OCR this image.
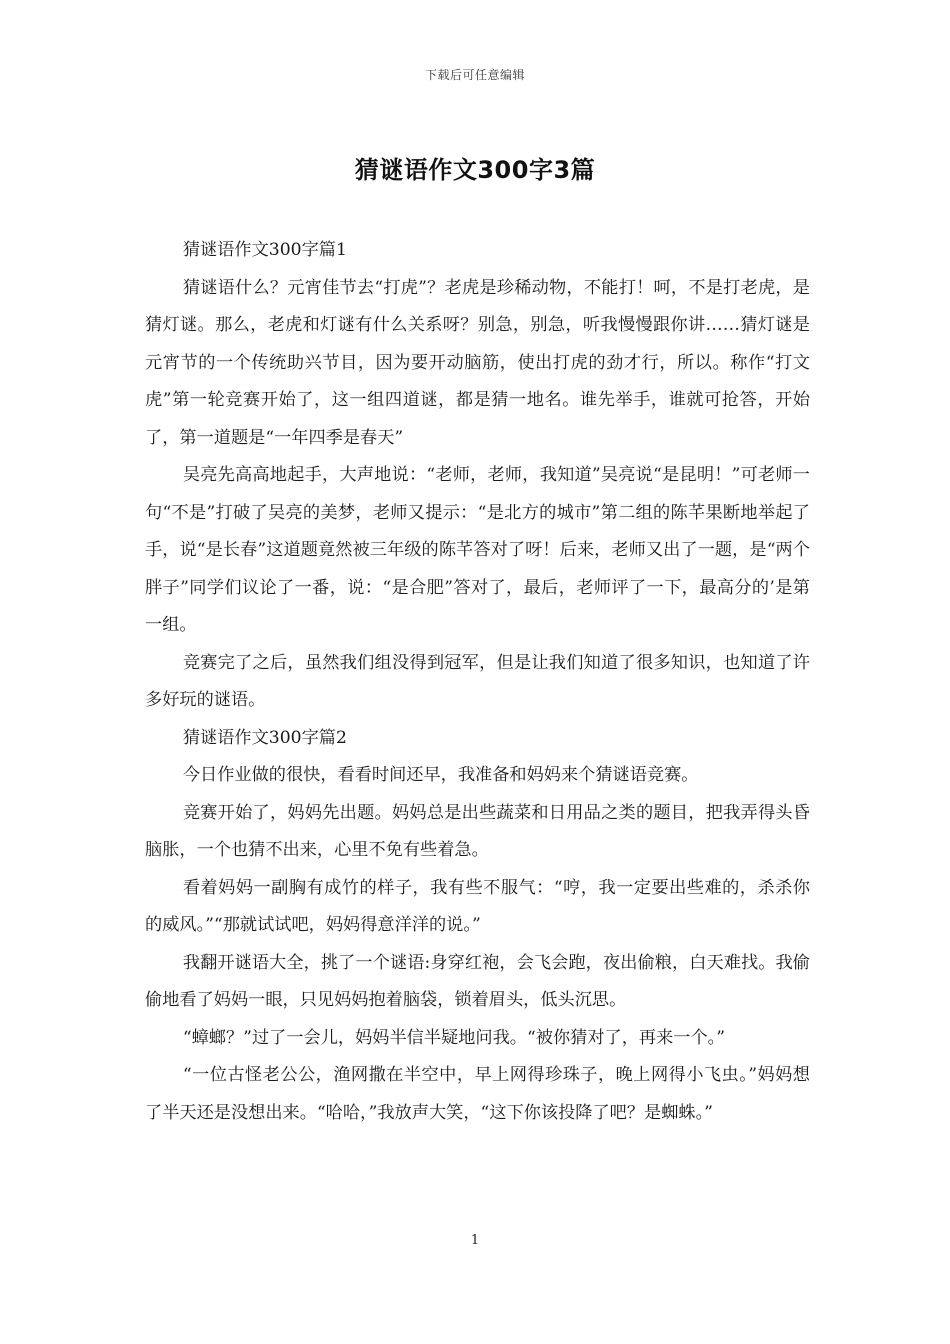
下载后可任意编辑
猜谜语作文300字3篇

猜谜语作文300字篇1

猜谜语什么？元宵佳节去“打虎”？老虎是珍稀动物，不能打！呵，不是打老虎，是猜灯谜。那么，老虎和灯谜有什么关系呀？别急，别急，听我慢慢跟你讲……猜灯谜是元宵节的一个传统助兴节目，因为要开动脑筋，使出打虎的劲才行，所以。称作“打文虎”第一轮竞赛开始了，这一组四道谜，都是猜一地名。谁先举手，谁就可抢答，开始了，第一道题是“一年四季是春天”

吴亮先高高地起手，大声地说：“老师，老师，我知道”吴亮说“是昆明！”可老师一句“不是”打破了吴亮的美梦，老师又提示：“是北方的城市”第二组的陈芊果断地举起了手，说“是长春”这道题竟然被三年级的陈芊答对了呀！后来，老师又出了一题，是“两个胖子”同学们议论了一番，说：“是合肥”答对了，最后，老师评了一下，最高分的’是第一组。

竞赛完了之后，虽然我们组没得到冠军，但是让我们知道了很多知识，也知道了许多好玩的谜语。

猜谜语作文300字篇2

今日作业做的很快，看看时间还早，我准备和妈妈来个猜谜语竞赛。

竞赛开始了，妈妈先出题。妈妈总是出些蔬菜和日用品之类的题目，把我弄得头昏脑胀，一个也猜不出来，心里不免有些着急。

看着妈妈一副胸有成竹的样子，我有些不服气：“哼，我一定要出些难的，杀杀你的威风。”“那就试试吧，妈妈得意洋洋的说。”

我翻开谜语大全，挑了一个谜语:身穿红袍，会飞会跑，夜出偷粮，白天难找。我偷偷地看了妈妈一眼，只见妈妈抱着脑袋，锁着眉头，低头沉思。

“蟑螂？”过了一会儿，妈妈半信半疑地问我。“被你猜对了，再来一个。”

“一位古怪老公公，渔网撒在半空中，早上网得珍珠子，晚上网得小飞虫。”妈妈想了半天还是没想出来。“哈哈，”我放声大笑，“这下你该投降了吧？是蜘蛛。”

1
